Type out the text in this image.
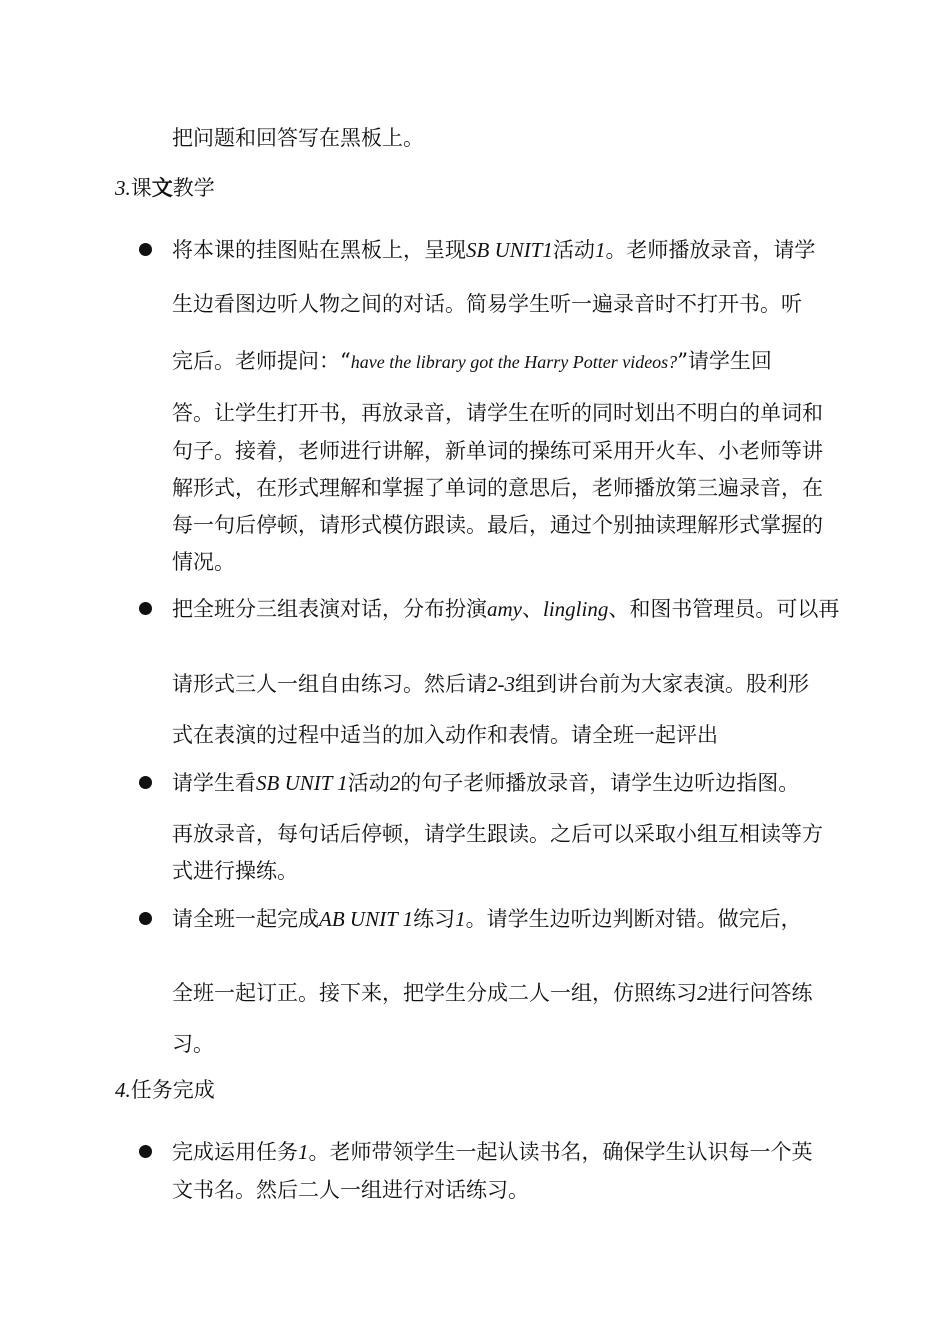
把问题和回答写在黑板上。
3.课文教学
将本课的挂图贴在黑板上，呈现SB UNIT1活动1。老师播放录音，请学
生边看图边听人物之间的对话。简易学生听一遍录音时不打开书。听
完后。老师提问：“have the library got the Harry Potter videos?”请学生回
答。让学生打开书，再放录音，请学生在听的同时划出不明白的单词和
句子。接着，老师进行讲解，新单词的操练可采用开火车、小老师等讲
解形式，在形式理解和掌握了单词的意思后，老师播放第三遍录音，在
每一句后停顿，请形式模仿跟读。最后，通过个别抽读理解形式掌握的
情况。
把全班分三组表演对话，分布扮演amy、lingling、和图书管理员。可以再
请形式三人一组自由练习。然后请2-3组到讲台前为大家表演。股利形
式在表演的过程中适当的加入动作和表情。请全班一起评出
请学生看SB UNIT 1活动2的句子老师播放录音，请学生边听边指图。
再放录音，每句话后停顿，请学生跟读。之后可以采取小组互相读等方
式进行操练。
请全班一起完成AB UNIT 1练习1。请学生边听边判断对错。做完后，
全班一起订正。接下来，把学生分成二人一组，仿照练习2进行问答练
习。
4.任务完成
完成运用任务1。老师带领学生一起认读书名，确保学生认识每一个英
文书名。然后二人一组进行对话练习。
